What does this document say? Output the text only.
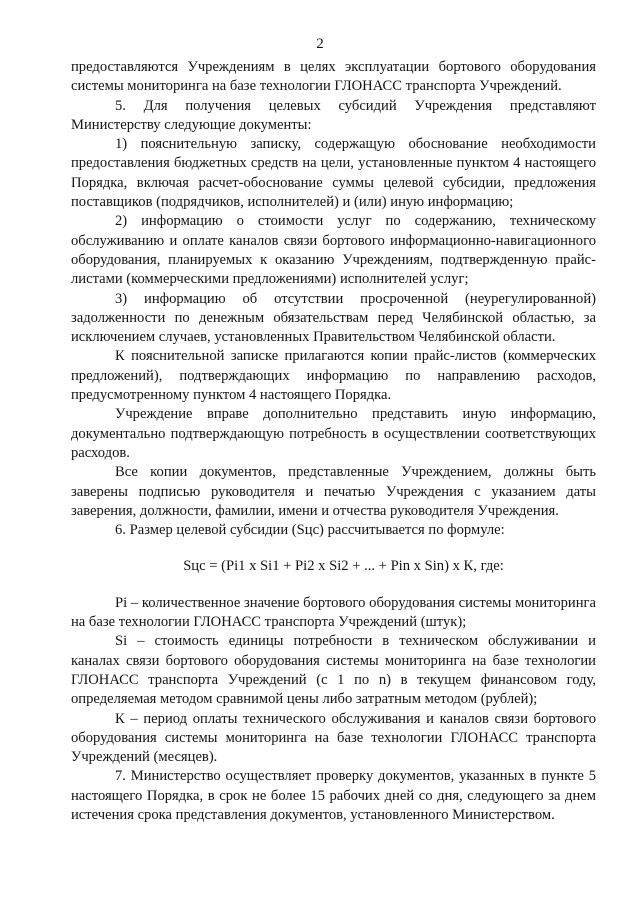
2

предоставляются Учреждениям в целях эксплуатации бортового оборудования системы мониторинга на базе технологии ГЛОНАСС транспорта Учреждений.

5. Для получения целевых субсидий Учреждения представляют Министерству следующие документы:

1) пояснительную записку, содержащую обоснование необходимости предоставления бюджетных средств на цели, установленные пунктом 4 настоящего Порядка, включая расчет-обоснование суммы целевой субсидии, предложения поставщиков (подрядчиков, исполнителей) и (или) иную информацию;

2) информацию о стоимости услуг по содержанию, техническому обслуживанию и оплате каналов связи бортового информационно-навигационного оборудования, планируемых к оказанию Учреждениям, подтвержденную прайс-листами (коммерческими предложениями) исполнителей услуг;

3) информацию об отсутствии просроченной (неурегулированной) задолженности по денежным обязательствам перед Челябинской областью, за исключением случаев, установленных Правительством Челябинской области.

К пояснительной записке прилагаются копии прайс-листов (коммерческих предложений), подтверждающих информацию по направлению расходов, предусмотренному пунктом 4 настоящего Порядка.

Учреждение вправе дополнительно представить иную информацию, документально подтверждающую потребность в осуществлении соответствующих расходов.

Все копии документов, представленные Учреждением, должны быть заверены подписью руководителя и печатью Учреждения с указанием даты заверения, должности, фамилии, имени и отчества руководителя Учреждения.

6. Размер целевой субсидии (Sцс) рассчитывается по формуле:

Sцс = (Pi1 x Si1 + Pi2 x Si2 + ... + Pin x Sin) x К, где:

Pi – количественное значение бортового оборудования системы мониторинга на базе технологии ГЛОНАСС транспорта Учреждений (штук);

Si – стоимость единицы потребности в техническом обслуживании и каналах связи бортового оборудования системы мониторинга на базе технологии ГЛОНАСС транспорта Учреждений (с 1 по n) в текущем финансовом году, определяемая методом сравнимой цены либо затратным методом (рублей);

К – период оплаты технического обслуживания и каналов связи бортового оборудования системы мониторинга на базе технологии ГЛОНАСС транспорта Учреждений (месяцев).

7. Министерство осуществляет проверку документов, указанных в пункте 5 настоящего Порядка, в срок не более 15 рабочих дней со дня, следующего за днем истечения срока представления документов, установленного Министерством.
